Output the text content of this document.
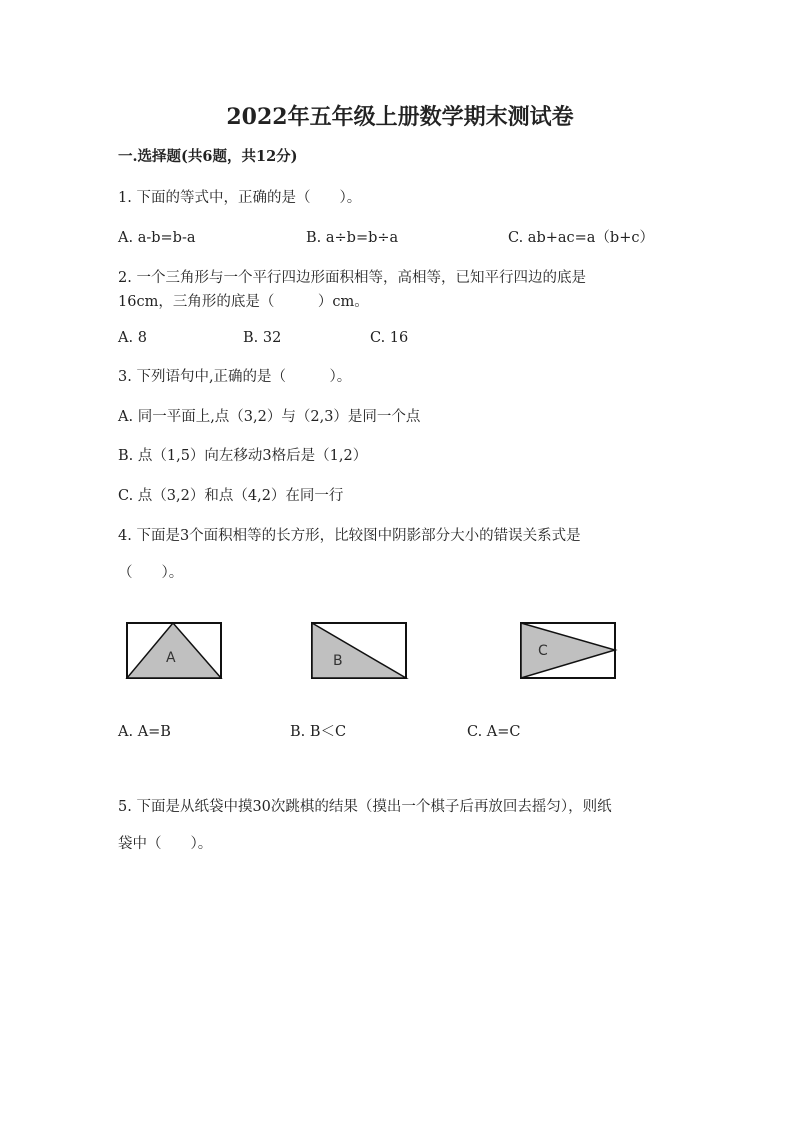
2022年五年级上册数学期末测试卷
一.选择题(共6题，共12分)
1. 下面的等式中，正确的是（　　）。
A. a-b=b-a	B. a÷b=b÷a	C. ab+ac=a（b+c）
2. 一个三角形与一个平行四边形面积相等，高相等，已知平行四边的底是
16cm，三角形的底是（　　　）cm。
A. 8	B. 32	C. 16
3. 下列语句中,正确的是（　　　）。
A. 同一平面上,点（3,2）与（2,3）是同一个点
B. 点（1,5）向左移动3格后是（1,2）
C. 点（3,2）和点（4,2）在同一行
4. 下面是3个面积相等的长方形，比较图中阴影部分大小的错误关系式是
（　　）。
A	B
C
A. A=B	B. B＜C	C. A=C
5. 下面是从纸袋中摸30次跳棋的结果（摸出一个棋子后再放回去摇匀），则纸
袋中（　　）。
